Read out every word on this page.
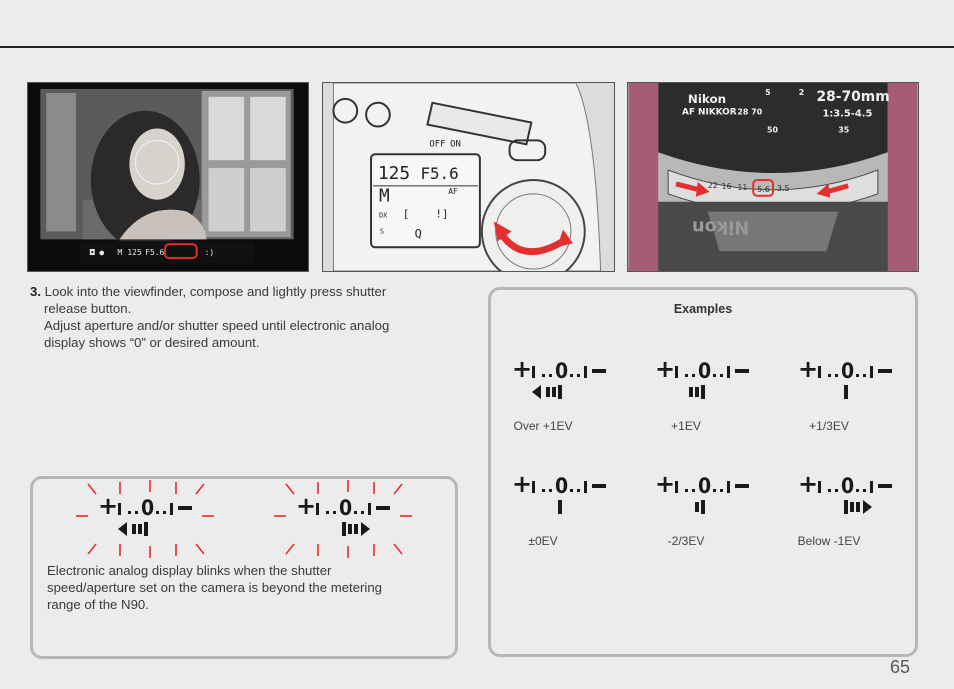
◘ ● M 125 F5.6	:)
OFF ON
125 F5.6
M	AF
DX
S
[    !]
Q
Nikon
AF NIKKOR
28-70mm
1:3.5-4.5
5	2
28 70
50	35
22 16 11 5.6 3.5
Nikon

3. Look into the viewfinder, compose and lightly press shutter

release button.

Adjust aperture and/or shutter speed until electronic analog

display shows “0” or desired amount.

+ 0	+ 0
Electronic analog display blinks when the shutter
speed/aperture set on the camera is beyond the metering
range of the N90.
Examples
+ 0
Over +1EV
+ 0
+1EV
+ 0
+1/3EV
+ 0
±0EV
+ 0
-2/3EV
+ 0
Below -1EV
65
